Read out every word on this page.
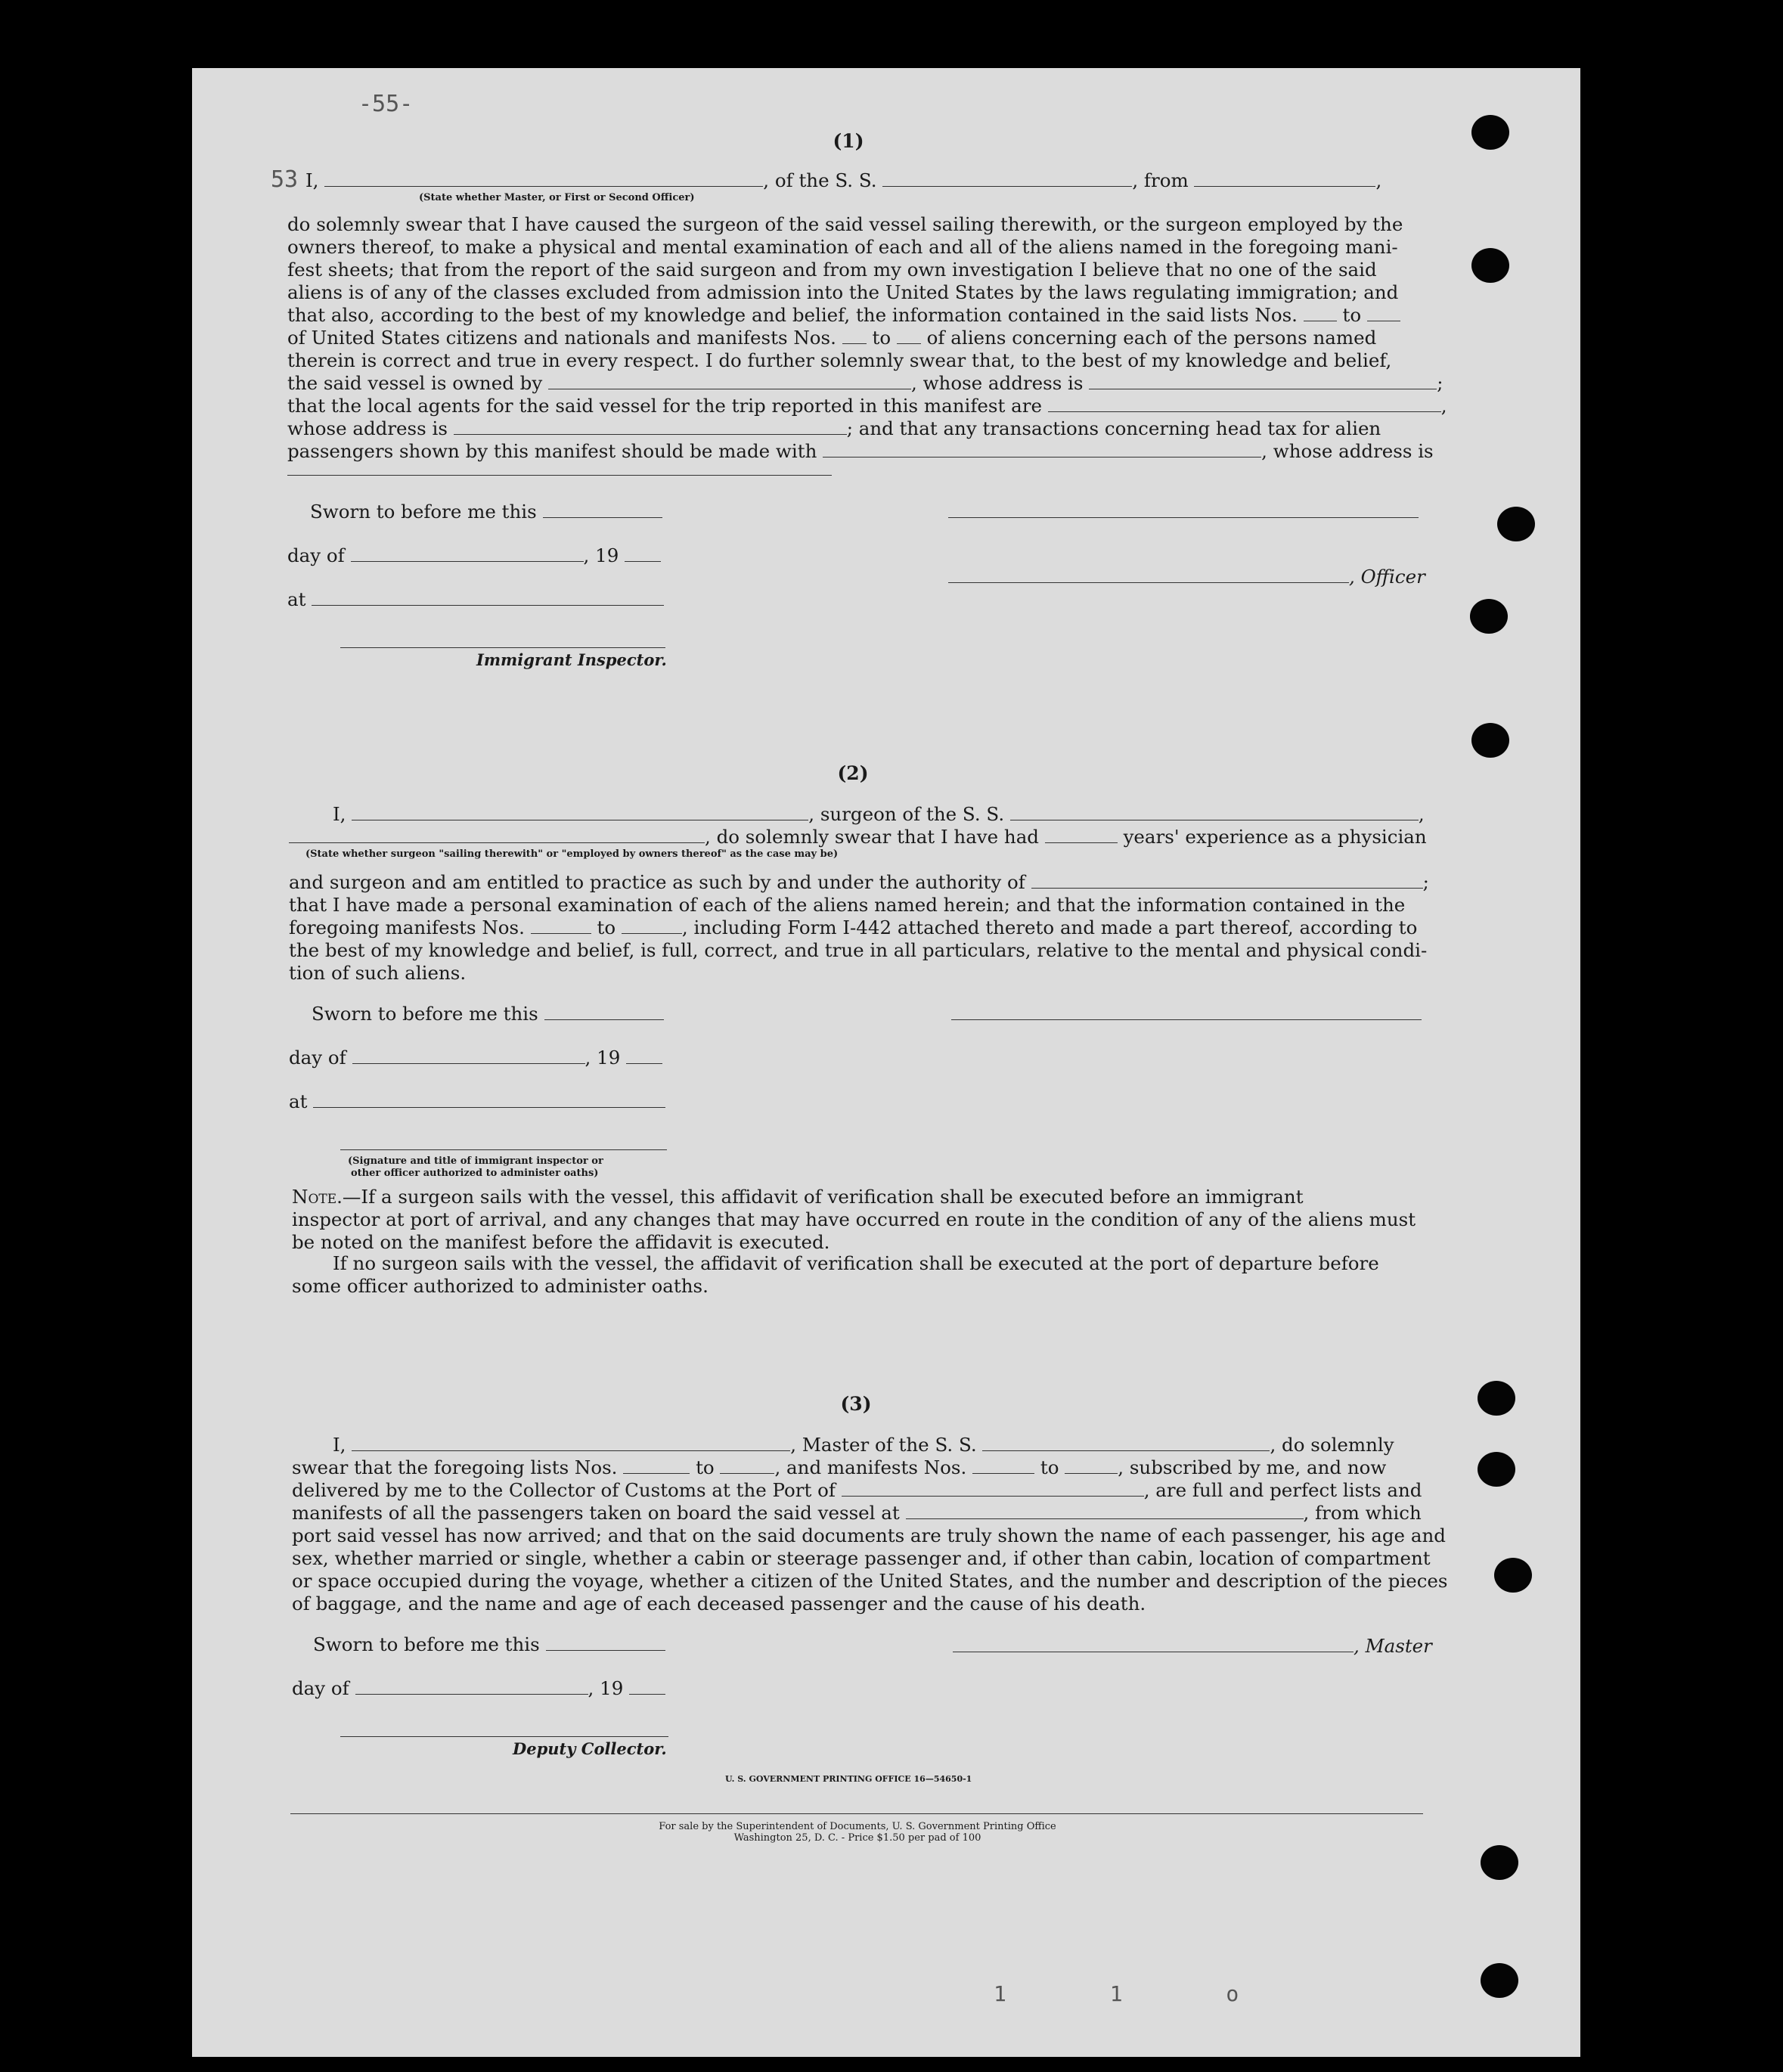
-55-
53
(1)
I,	, of the S. S.	, from	,
(State whether Master, or First or Second Officer)
do solemnly swear that I have caused the surgeon of the said vessel sailing therewith, or the surgeon employed by the
owners thereof, to make a physical and mental examination of each and all of the aliens named in the foregoing mani-
fest sheets; that from the report of the said surgeon and from my own investigation I believe that no one of the said
aliens is of any of the classes excluded from admission into the United States by the laws regulating immigration; and
that also, according to the best of my knowledge and belief, the information contained in the said lists Nos. to
of United States citizens and nationals and manifests Nos. to of aliens concerning each of the persons named
therein is correct and true in every respect. I do further solemnly swear that, to the best of my knowledge and belief,
the said vessel is owned by	, whose address is	;
that the local agents for the said vessel for the trip reported in this manifest are	,
whose address is	; and that any transactions concerning head tax for alien
passengers shown by this manifest should be made with	, whose address is
Sworn to before me this
day of	, 19
at
Immigrant Inspector.
, Officer
(2)
I,	, surgeon of the S. S.	,
, do solemnly swear that I have had	years' experience as a physician
(State whether surgeon "sailing therewith" or "employed by owners thereof" as the case may be)
and surgeon and am entitled to practice as such by and under the authority of	;
that I have made a personal examination of each of the aliens named herein; and that the information contained in the
foregoing manifests Nos.	to	, including Form I-442 attached thereto and made a part thereof, according to
the best of my knowledge and belief, is full, correct, and true in all particulars, relative to the mental and physical condi-
tion of such aliens.
Sworn to before me this
day of	, 19
at
(Signature and title of immigrant inspector or
other officer authorized to administer oaths)
Note.—If a surgeon sails with the vessel, this affidavit of verification shall be executed before an immigrant
inspector at port of arrival, and any changes that may have occurred en route in the condition of any of the aliens must
be noted on the manifest before the affidavit is executed.
If no surgeon sails with the vessel, the affidavit of verification shall be executed at the port of departure before
some officer authorized to administer oaths.
(3)
I,	, Master of the S. S.	, do solemnly
swear that the foregoing lists Nos.	to	, and manifests Nos.	to	, subscribed by me, and now
delivered by me to the Collector of Customs at the Port of	, are full and perfect lists and
manifests of all the passengers taken on board the said vessel at	, from which
port said vessel has now arrived; and that on the said documents are truly shown the name of each passenger, his age and
sex, whether married or single, whether a cabin or steerage passenger and, if other than cabin, location of compartment
or space occupied during the voyage, whether a citizen of the United States, and the number and description of the pieces
of baggage, and the name and age of each deceased passenger and the cause of his death.
Sworn to before me this
day of	, 19
Deputy Collector.
, Master
U. S. GOVERNMENT PRINTING OFFICE 16—54650-1
For sale by the Superintendent of Documents, U. S. Government Printing Office
Washington 25, D. C. - Price $1.50 per pad of 100
1 1 o
